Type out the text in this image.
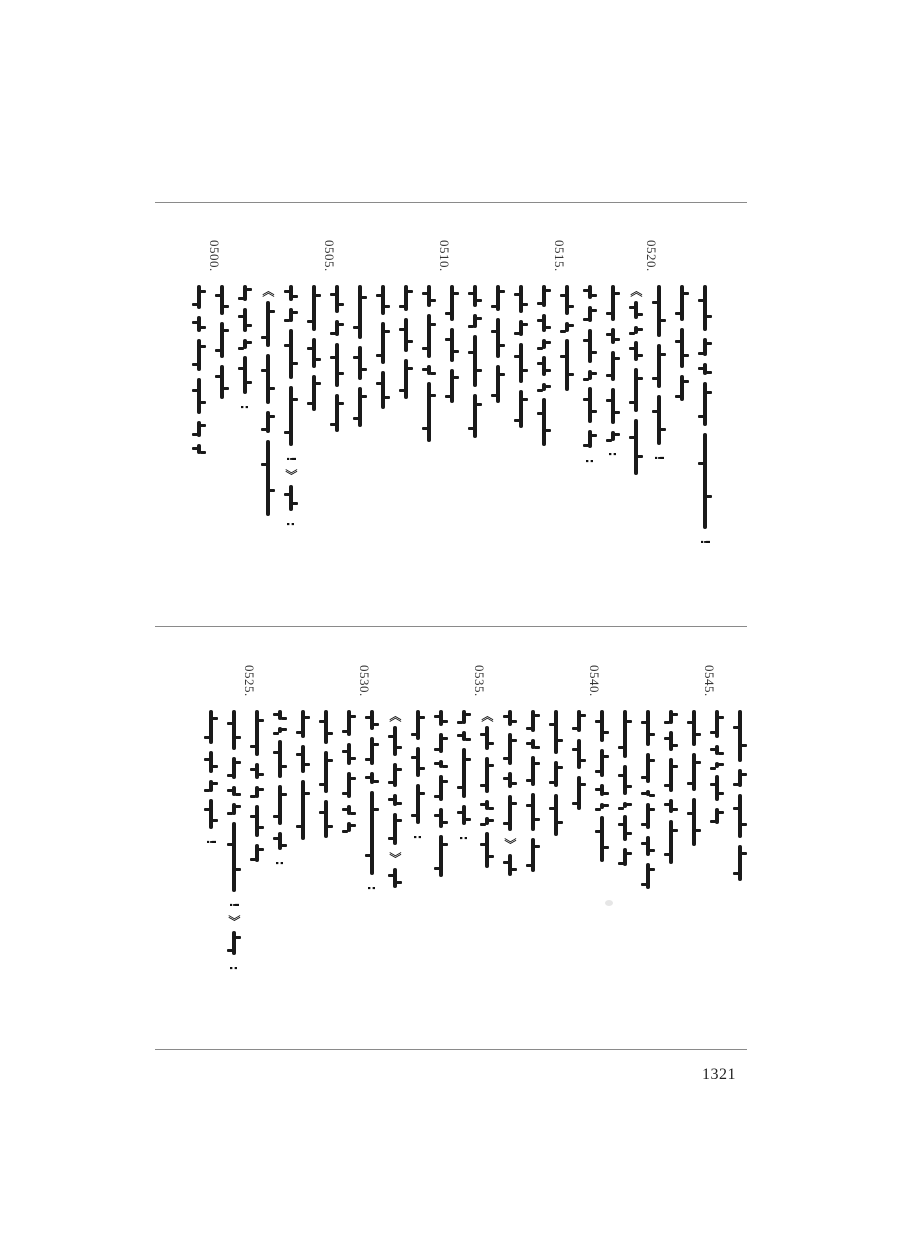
!
0520.
!
《
:
:
0515.
0510.
0505.
!
》
:
《
:
0500.
0545.
0540.
》
0535.
《
:
:
《
》
0530.
:
:
0525.
!
》
:
!
1321
